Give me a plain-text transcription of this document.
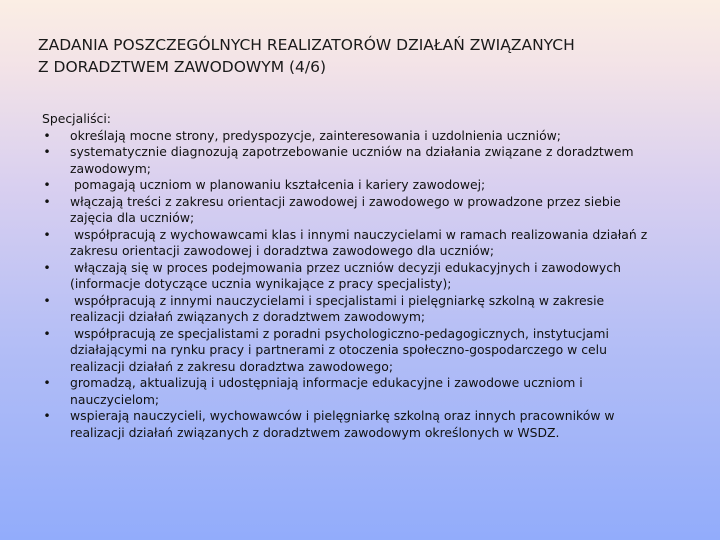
ZADANIA POSZCZEGÓLNYCH REALIZATORÓW DZIAŁAŃ ZWIĄZANYCH
Z DORADZTWEM ZAWODOWYM (4/6)
Specjaliści:
• określają mocne strony, predyspozycje, zainteresowania i uzdolnienia uczniów;
• systematycznie diagnozują zapotrzebowanie uczniów na działania związane z doradztwem
zawodowym;
• pomagają uczniom w planowaniu kształcenia i kariery zawodowej;
• włączają treści z zakresu orientacji zawodowej i zawodowego w prowadzone przez siebie
zajęcia dla uczniów;
• współpracują z wychowawcami klas i innymi nauczycielami w ramach realizowania działań z
zakresu orientacji zawodowej i doradztwa zawodowego dla uczniów;
• włączają się w proces podejmowania przez uczniów decyzji edukacyjnych i zawodowych
(informacje dotyczące ucznia wynikające z pracy specjalisty);
• współpracują z innymi nauczycielami i specjalistami i pielęgniarkę szkolną w zakresie
realizacji działań związanych z doradztwem zawodowym;
• współpracują ze specjalistami z poradni psychologiczno-pedagogicznych, instytucjami
działającymi na rynku pracy i partnerami z otoczenia społeczno-gospodarczego w celu
realizacji działań z zakresu doradztwa zawodowego;
• gromadzą, aktualizują i udostępniają informacje edukacyjne i zawodowe uczniom i
nauczycielom;
• wspierają nauczycieli, wychowawców i pielęgniarkę szkolną oraz innych pracowników w
realizacji działań związanych z doradztwem zawodowym określonych w WSDZ.
